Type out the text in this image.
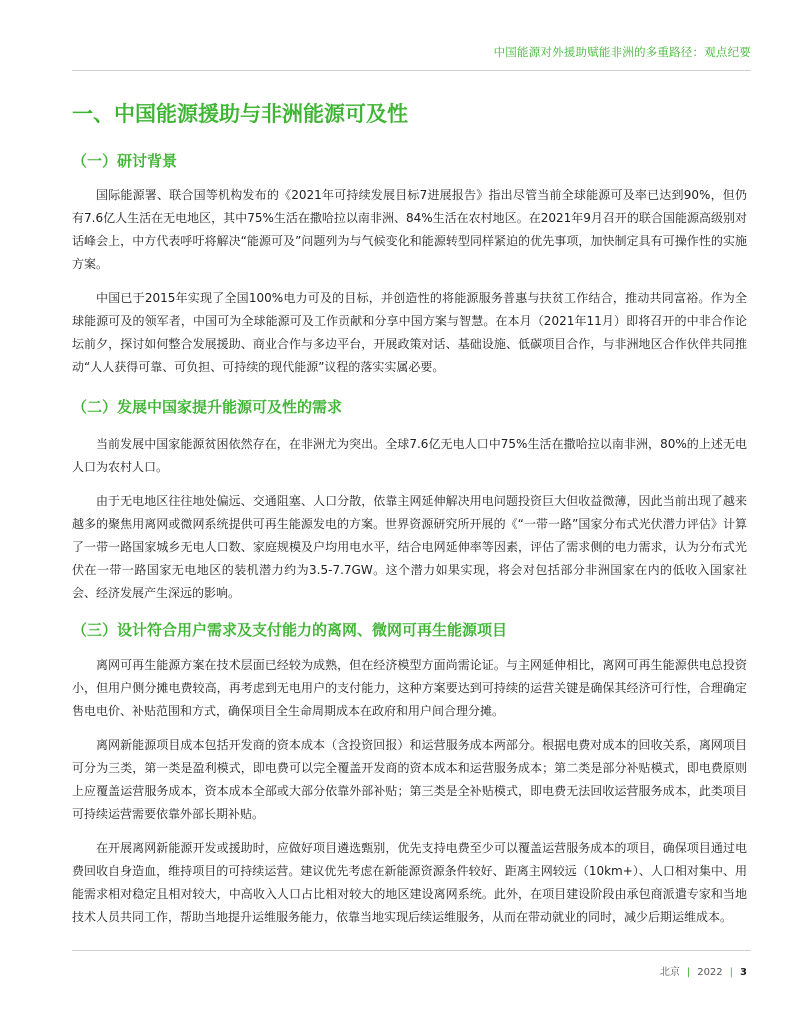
中国能源对外援助赋能非洲的多重路径：观点纪要
一、中国能源援助与非洲能源可及性
（一）研讨背景

国际能源署、联合国等机构发布的《2021年可持续发展目标7进展报告》指出尽管当前全球能源可及率已达到90%，但仍有7.6亿人生活在无电地区，其中75%生活在撒哈拉以南非洲、84%生活在农村地区。在2021年9月召开的联合国能源高级别对话峰会上，中方代表呼吁将解决“能源可及”问题列为与气候变化和能源转型同样紧迫的优先事项，加快制定具有可操作性的实施方案。

中国已于2015年实现了全国100%电力可及的目标，并创造性的将能源服务普惠与扶贫工作结合，推动共同富裕。作为全球能源可及的领军者，中国可为全球能源可及工作贡献和分享中国方案与智慧。在本月（2021年11月）即将召开的中非合作论坛前夕，探讨如何整合发展援助、商业合作与多边平台，开展政策对话、基础设施、低碳项目合作，与非洲地区合作伙伴共同推动“人人获得可靠、可负担、可持续的现代能源”议程的落实实属必要。

（二）发展中国家提升能源可及性的需求

当前发展中国家能源贫困依然存在，在非洲尤为突出。全球7.6亿无电人口中75%生活在撒哈拉以南非洲，80%的上述无电人口为农村人口。

由于无电地区往往地处偏远、交通阻塞、人口分散，依靠主网延伸解决用电问题投资巨大但收益微薄，因此当前出现了越来越多的聚焦用离网或微网系统提供可再生能源发电的方案。世界资源研究所开展的《“一带一路”国家分布式光伏潜力评估》计算了一带一路国家城乡无电人口数、家庭规模及户均用电水平，结合电网延伸率等因素，评估了需求侧的电力需求，认为分布式光伏在一带一路国家无电地区的装机潜力约为3.5-7.7GW。这个潜力如果实现，将会对包括部分非洲国家在内的低收入国家社会、经济发展产生深远的影响。

（三）设计符合用户需求及支付能力的离网、微网可再生能源项目

离网可再生能源方案在技术层面已经较为成熟，但在经济模型方面尚需论证。与主网延伸相比，离网可再生能源供电总投资小，但用户侧分摊电费较高，再考虑到无电用户的支付能力，这种方案要达到可持续的运营关键是确保其经济可行性，合理确定售电电价、补贴范围和方式，确保项目全生命周期成本在政府和用户间合理分摊。

离网新能源项目成本包括开发商的资本成本（含投资回报）和运营服务成本两部分。根据电费对成本的回收关系，离网项目可分为三类，第一类是盈利模式，即电费可以完全覆盖开发商的资本成本和运营服务成本；第二类是部分补贴模式，即电费原则上应覆盖运营服务成本，资本成本全部或大部分依靠外部补贴；第三类是全补贴模式，即电费无法回收运营服务成本，此类项目可持续运营需要依靠外部长期补贴。

在开展离网新能源开发或援助时，应做好项目遴选甄别，优先支持电费至少可以覆盖运营服务成本的项目，确保项目通过电费回收自身造血，维持项目的可持续运营。建议优先考虑在新能源资源条件较好、距离主网较远（10km+）、人口相对集中、用能需求相对稳定且相对较大，中高收入人口占比相对较大的地区建设离网系统。此外，在项目建设阶段由承包商派遣专家和当地技术人员共同工作，帮助当地提升运维服务能力，依靠当地实现后续运维服务，从而在带动就业的同时，减少后期运维成本。

北京 | 2022 | 3
